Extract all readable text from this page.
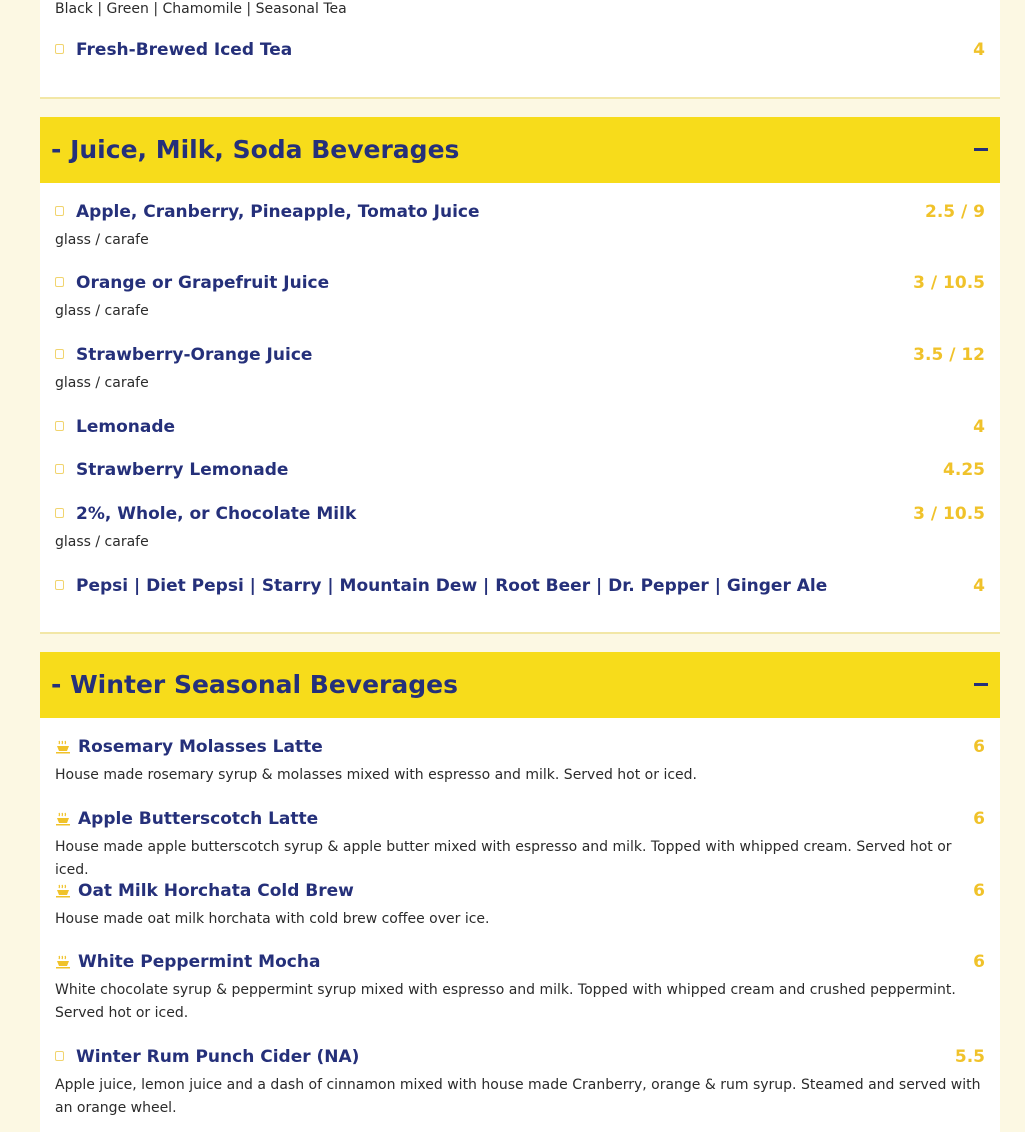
Black | Green | Chamomile | Seasonal Tea
Fresh-Brewed Iced Tea	4
- Juice, Milk, Soda Beverages
Apple, Cranberry, Pineapple, Tomato Juice	2.5 / 9
glass / carafe
Orange or Grapefruit Juice	3 / 10.5
glass / carafe
Strawberry-Orange Juice	3.5 / 12
glass / carafe
Lemonade	4
Strawberry Lemonade	4.25
2%, Whole, or Chocolate Milk	3 / 10.5
glass / carafe
Pepsi | Diet Pepsi | Starry | Mountain Dew | Root Beer | Dr. Pepper | Ginger Ale	4
- Winter Seasonal Beverages
Rosemary Molasses Latte	6
House made rosemary syrup & molasses mixed with espresso and milk. Served hot or iced.
Apple Butterscotch Latte	6
House made apple butterscotch syrup & apple butter mixed with espresso and milk. Topped with whipped cream. Served hot or iced.
Oat Milk Horchata Cold Brew	6
House made oat milk horchata with cold brew coffee over ice.
White Peppermint Mocha	6
White chocolate syrup & peppermint syrup mixed with espresso and milk. Topped with whipped cream and crushed peppermint. Served hot or iced.
Winter Rum Punch Cider (NA)	5.5
Apple juice, lemon juice and a dash of cinnamon mixed with house made Cranberry, orange & rum syrup. Steamed and served with an orange wheel.
